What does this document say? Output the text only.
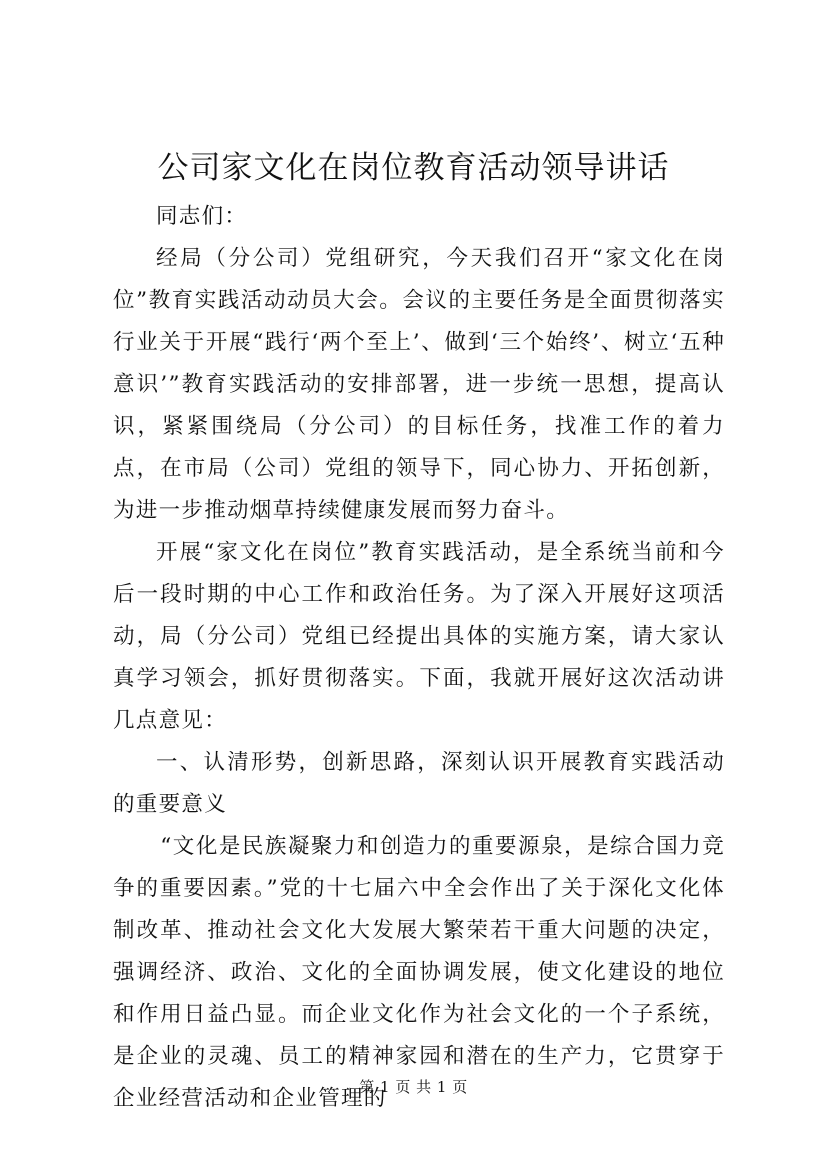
公司家文化在岗位教育活动领导讲话

同志们：

经局（分公司）党组研究，今天我们召开“家文化在岗位”教育实践活动动员大会。会议的主要任务是全面贯彻落实行业关于开展“践行‘两个至上’、做到‘三个始终’、树立‘五种意识’”教育实践活动的安排部署，进一步统一思想，提高认识，紧紧围绕局（分公司）的目标任务，找准工作的着力点，在市局（公司）党组的领导下，同心协力、开拓创新，为进一步推动烟草持续健康发展而努力奋斗。

开展“家文化在岗位”教育实践活动，是全系统当前和今后一段时期的中心工作和政治任务。为了深入开展好这项活动，局（分公司）党组已经提出具体的实施方案，请大家认真学习领会，抓好贯彻落实。下面，我就开展好这次活动讲几点意见：

一、认清形势，创新思路，深刻认识开展教育实践活动的重要意义

“文化是民族凝聚力和创造力的重要源泉，是综合国力竞争的重要因素。”党的十七届六中全会作出了关于深化文化体制改革、推动社会文化大发展大繁荣若干重大问题的决定，强调经济、政治、文化的全面协调发展，使文化建设的地位和作用日益凸显。而企业文化作为社会文化的一个子系统，是企业的灵魂、员工的精神家园和潜在的生产力，它贯穿于企业经营活动和企业管理的

第 1 页 共 1 页
